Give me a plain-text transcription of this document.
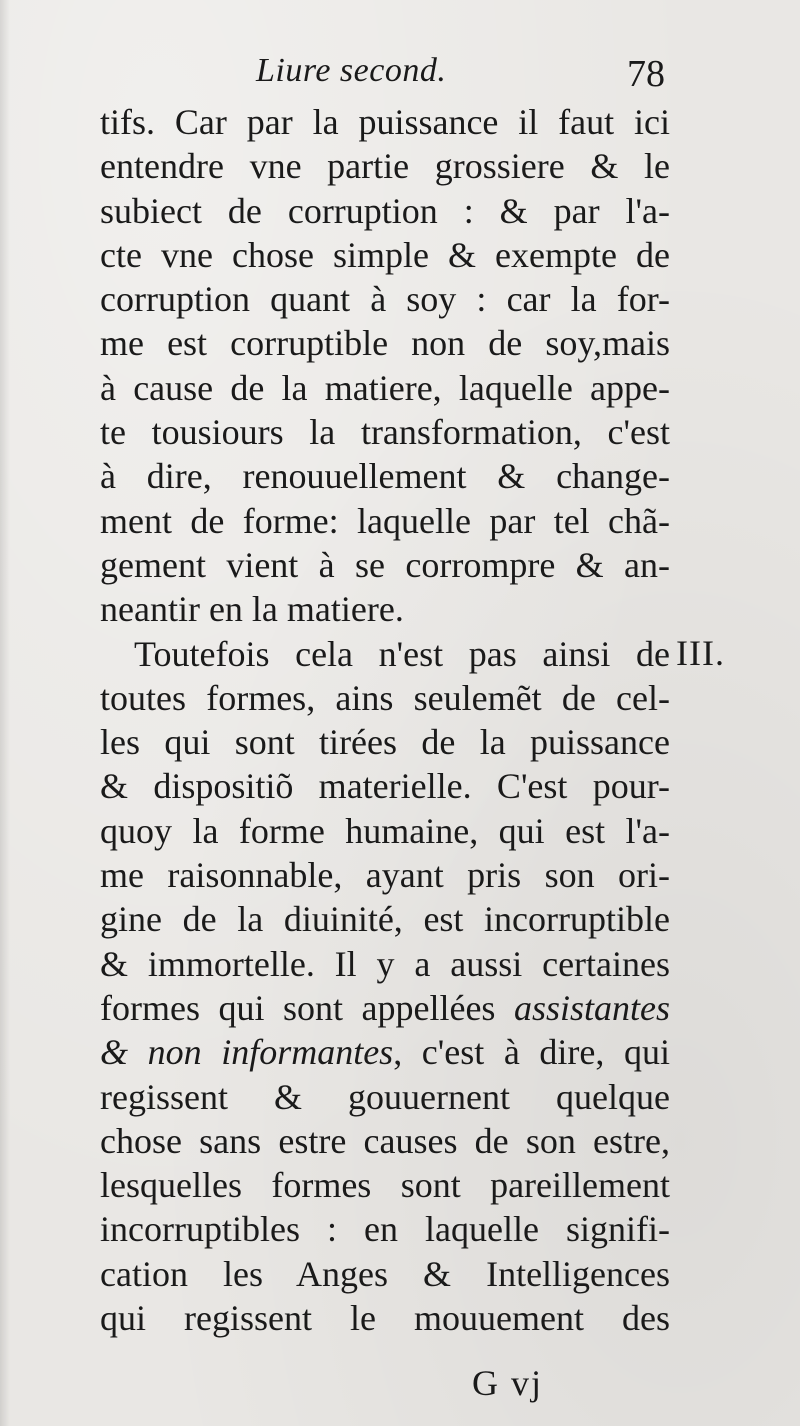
Liure second.	78
tifs. Car par la puissance il faut ici
entendre vne partie grossiere & le
subiect de corruption : & par l'a-
cte vne chose simple & exempte de
corruption quant à soy : car la for-
me est corruptible non de soy,mais
à cause de la matiere, laquelle appe-
te tousiours la transformation, c'est
à dire, renouuellement & change-
ment de forme: laquelle par tel chã-
gement vient à se corrompre & an-
neantir en la matiere.
Toutefois cela n'est pas ainsi de
toutes formes, ains seulemẽt de cel-
les qui sont tirées de la puissance
& dispositiõ materielle. C'est pour-
quoy la forme humaine, qui est l'a-
me raisonnable, ayant pris son ori-
gine de la diuinité, est incorruptible
& immortelle. Il y a aussi certaines
formes qui sont appellées assistantes
& non informantes, c'est à dire, qui
regissent & gouuernent quelque
chose sans estre causes de son estre,
lesquelles formes sont pareillement
incorruptibles : en laquelle signifi-
cation les Anges & Intelligences
qui regissent le mouuement des
III.
G vj
